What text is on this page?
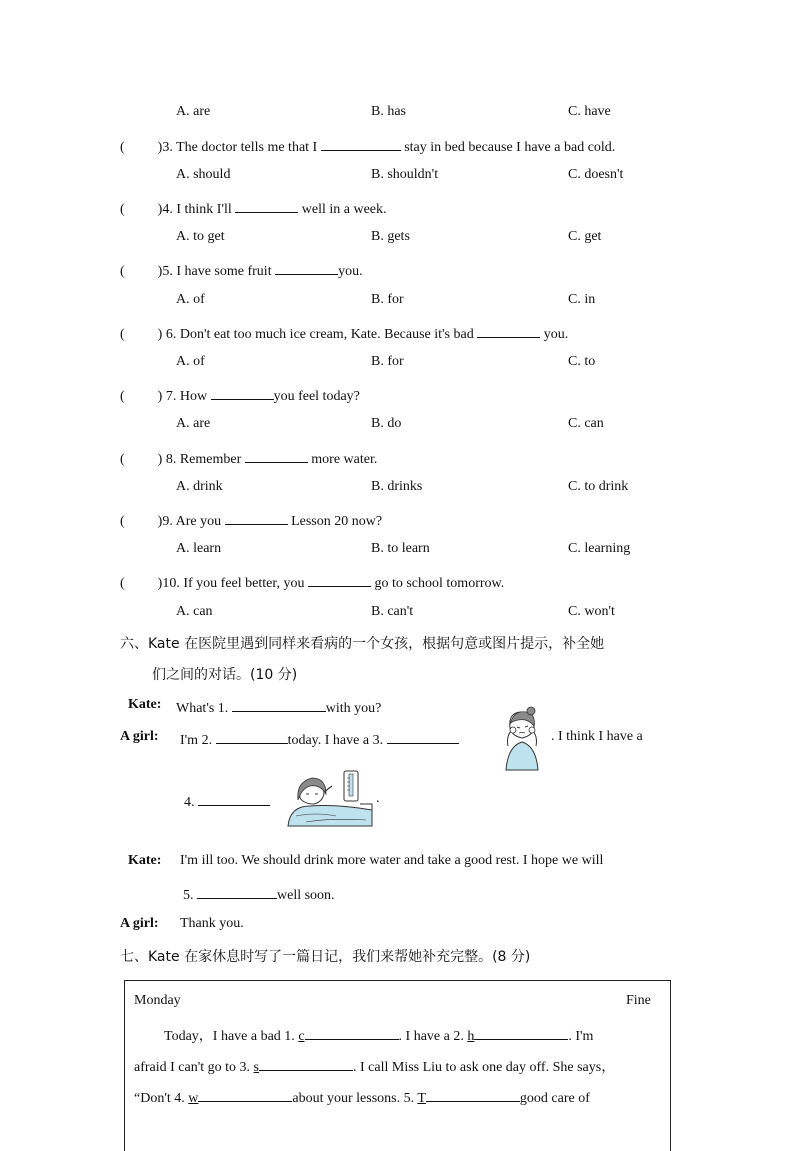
A. are	B. has	C. have
( )3. The doctor tells me that I	stay in bed because I have a bad cold.
A. should	B. shouldn't	C. doesn't
( )4. I think I'll	well in a week.
A. to get	B. gets	C. get
( )5. I have some fruit	you.
A. of	B. for	C. in
( ) 6. Don't eat too much ice cream, Kate. Because it's bad	you.
A. of	B. for	C. to
( ) 7. How	you feel today?
A. are	B. do	C. can
( ) 8. Remember	more water.
A. drink	B. drinks	C. to drink
( )9. Are you	Lesson 20 now?
A. learn	B. to learn	C. learning
( )10. If you feel better, you	go to school tomorrow.
A. can	B. can't	C. won't
六、Kate 在医院里遇到同样来看病的一个女孩，根据句意或图片提示，补全她
们之间的对话。(10 分)
Kate: What's 1.	with you?
A girl: I'm 2.	today. I have a 3.	. I think I have a
4.	.
Kate: I'm ill too. We should drink more water and take a good rest. I hope we will
5.	well soon.
A girl: Thank you.
七、Kate 在家休息时写了一篇日记，我们来帮她补充完整。(8 分)
Monday	Fine
Today，I have a bad 1. c	. I have a 2. h	. I'm
afraid I can't go to 3. s	. I call Miss Liu to ask one day off. She says，
“Don't 4. w	about your lessons. 5. T	good care of
